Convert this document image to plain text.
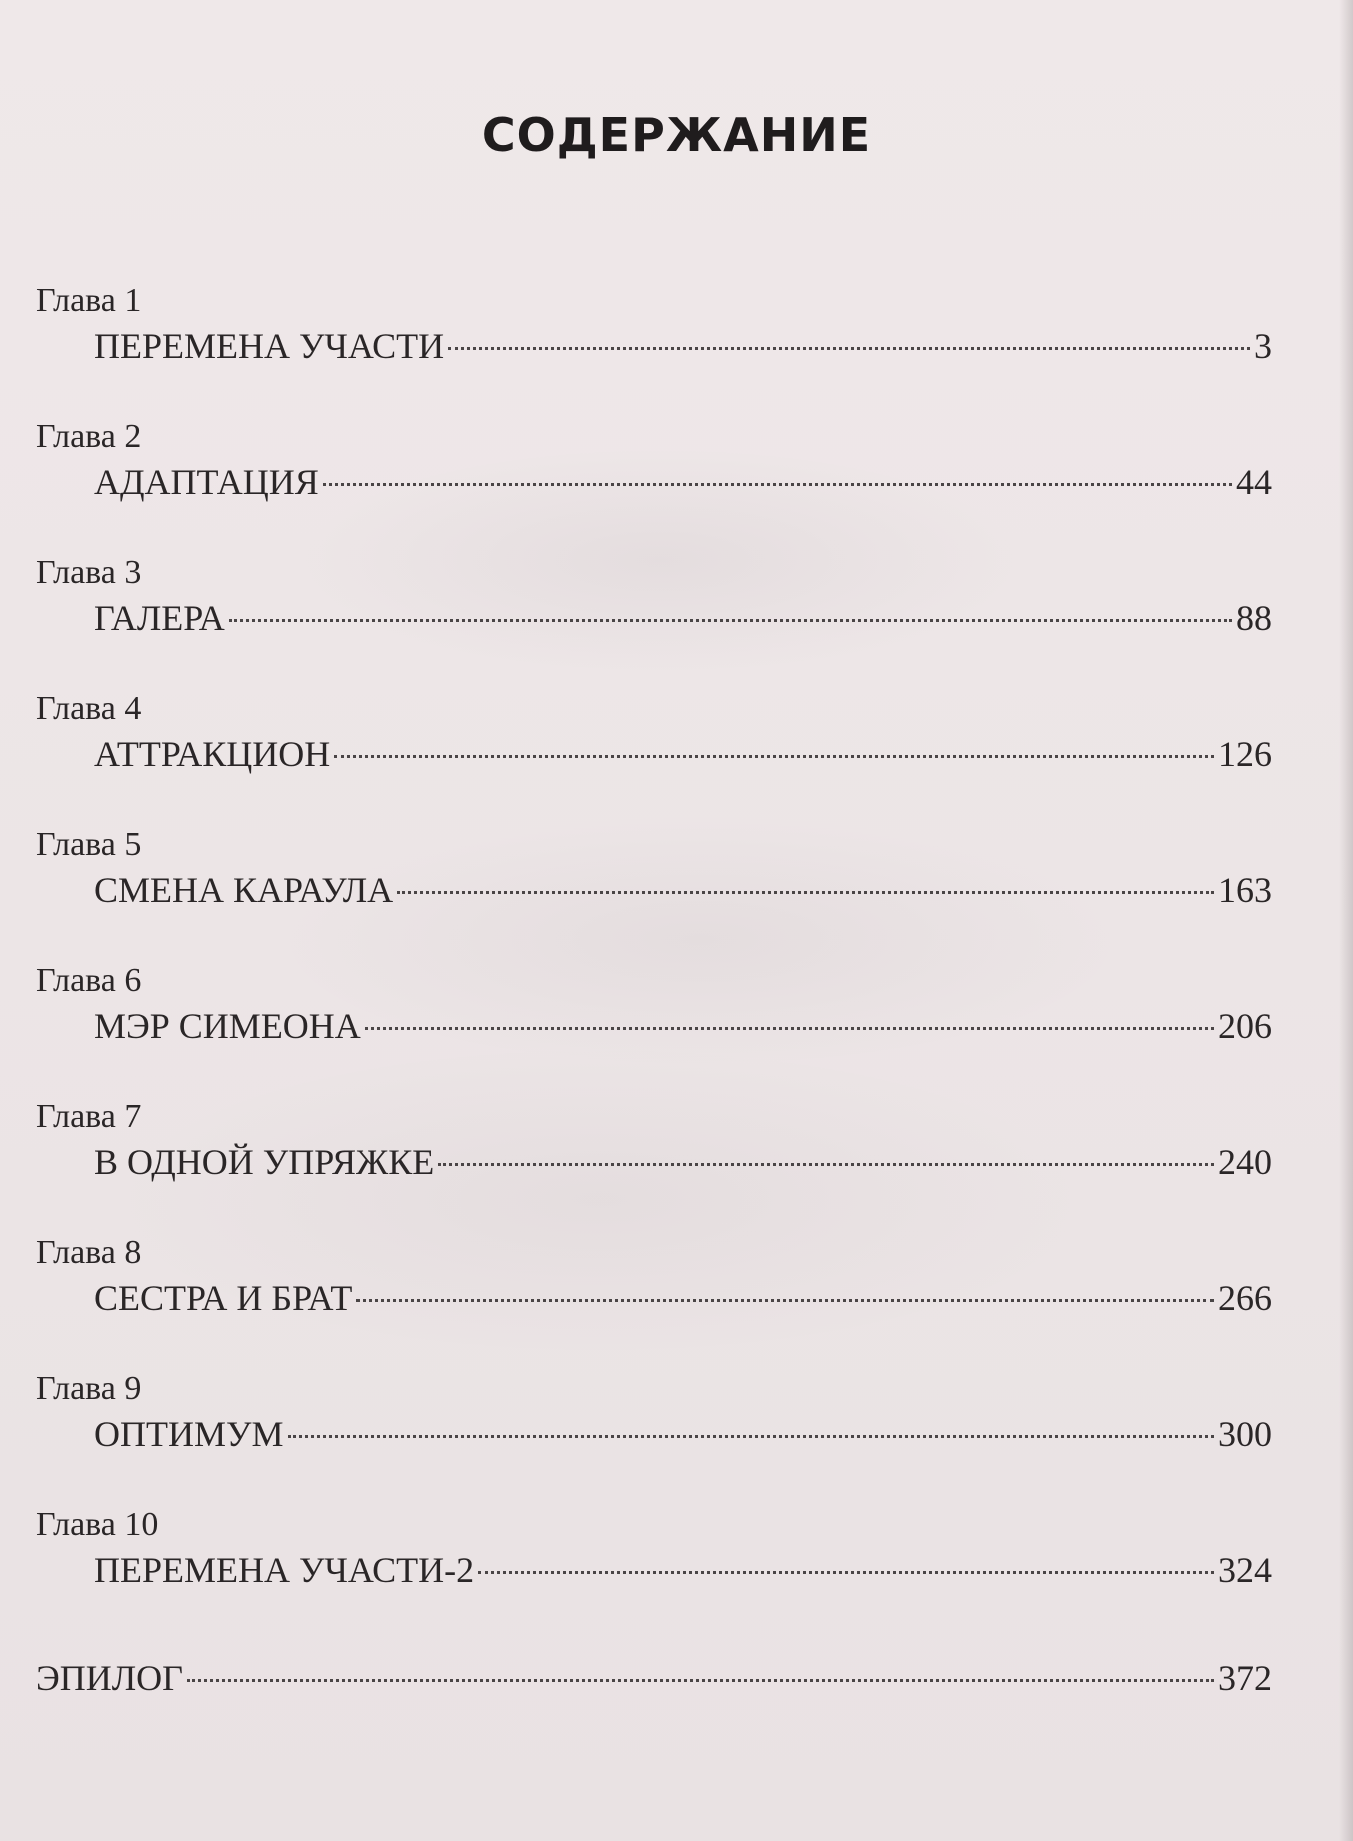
СОДЕРЖАНИЕ
Глава 1
ПЕРЕМЕНА УЧАСТИ	3
Глава 2
АДАПТАЦИЯ	44
Глава 3
ГАЛЕРА	88
Глава 4
АТТРАКЦИОН	126
Глава 5
СМЕНА КАРАУЛА	163
Глава 6
МЭР СИМЕОНА	206
Глава 7
В ОДНОЙ УПРЯЖКЕ	240
Глава 8
СЕСТРА И БРАТ	266
Глава 9
ОПТИМУМ	300
Глава 10
ПЕРЕМЕНА УЧАСТИ-2	324
ЭПИЛОГ	372
